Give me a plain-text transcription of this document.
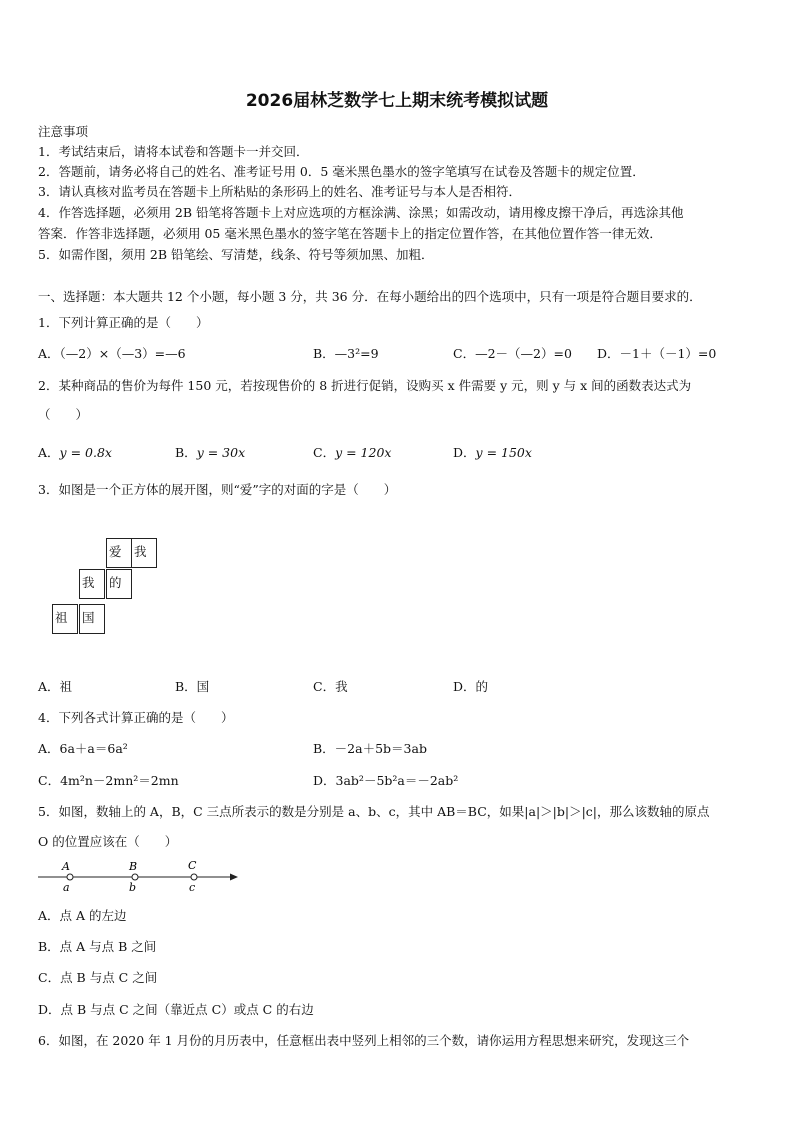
2026届林芝数学七上期末统考模拟试题
注意事项
1．考试结束后，请将本试卷和答题卡一并交回．
2．答题前，请务必将自己的姓名、准考证号用 0．5 毫米黑色墨水的签字笔填写在试卷及答题卡的规定位置．
3．请认真核对监考员在答题卡上所粘贴的条形码上的姓名、准考证号与本人是否相符．
4．作答选择题，必须用 2B 铅笔将答题卡上对应选项的方框涂满、涂黑；如需改动，请用橡皮擦干净后，再选涂其他
答案．作答非选择题，必须用 05 毫米黑色墨水的签字笔在答题卡上的指定位置作答，在其他位置作答一律无效．
5．如需作图，须用 2B 铅笔绘、写清楚，线条、符号等须加黑、加粗．
一、选择题：本大题共 12 个小题，每小题 3 分，共 36 分．在每小题给出的四个选项中，只有一项是符合题目要求的．
1．下列计算正确的是（　　）
A．（—2）×（—3）=—6	B．—3²=9	C．—2－（—2）=0 D．－1＋（－1）=0
2．某种商品的售价为每件 150 元，若按现售价的 8 折进行促销，设购买 x 件需要 y 元，则 y 与 x 间的函数表达式为
（　　）
A．y = 0.8x	B．y = 30x	C．y = 120x	D．y = 150x
3．如图是一个正方体的展开图，则“爱”字的对面的字是（　　）
爱 我
我	的
祖	国
A．祖	B．国	C．我	D．的
4．下列各式计算正确的是（　　）
A．6a＋a＝6a²	B．－2a＋5b＝3ab
C．4m²n－2mn²＝2mn	D．3ab²－5b²a＝－2ab²
5．如图，数轴上的 A，B，C 三点所表示的数是分别是 a、b、c，其中 AB＝BC，如果|a|＞|b|＞|c|，那么该数轴的原点
O 的位置应该在（　　）
A	B	C
a	b	c
A．点 A 的左边
B．点 A 与点 B 之间
C．点 B 与点 C 之间
D．点 B 与点 C 之间（靠近点 C）或点 C 的右边
6．如图，在 2020 年 1 月份的月历表中，任意框出表中竖列上相邻的三个数，请你运用方程思想来研究，发现这三个
